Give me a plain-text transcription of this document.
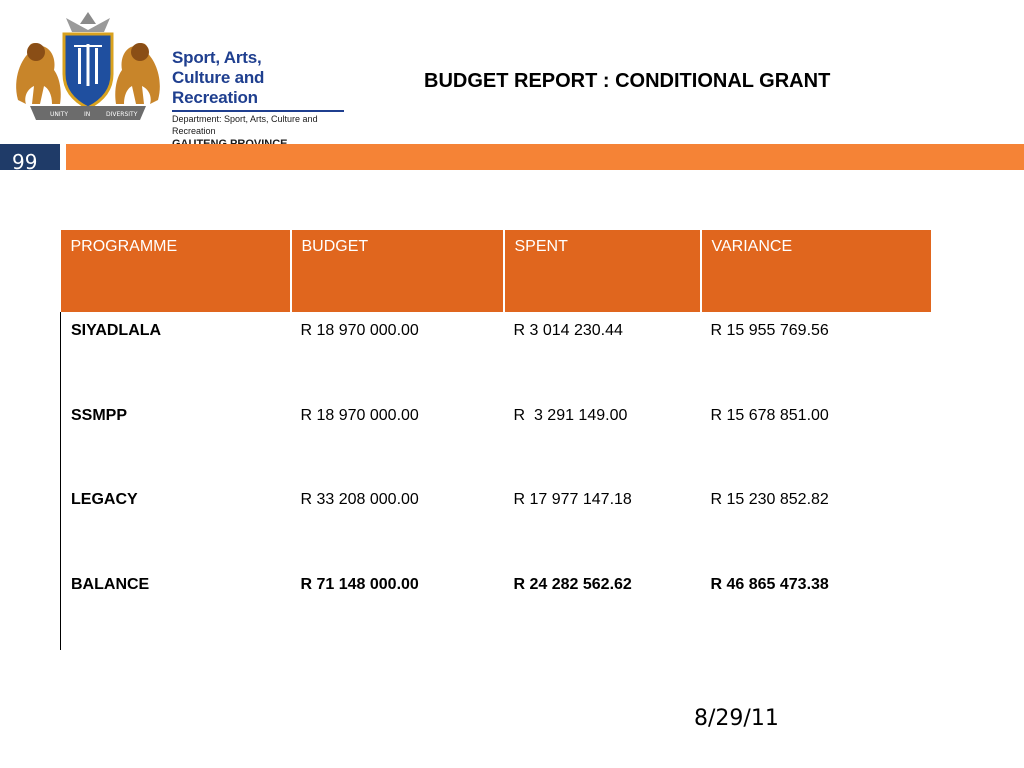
UNITY	IN	DIVERSITY
Sport, Arts,
Culture and Recreation
Department: Sport, Arts, Culture and Recreation
BUDGET REPORT : CONDITIONAL GRANT
99
PROGRAMME	BUDGET	SPENT	VARIANCE
SIYADLALA	R 18 970 000.00	R 3 014 230.44	R 15 955 769.56
SSMPP	R 18 970 000.00	R  3 291 149.00	R 15 678 851.00
LEGACY	R 33 208 000.00	R 17 977 147.18	R 15 230 852.82
BALANCE	R 71 148 000.00	R 24 282 562.62	R 46 865 473.38
8/29/11
